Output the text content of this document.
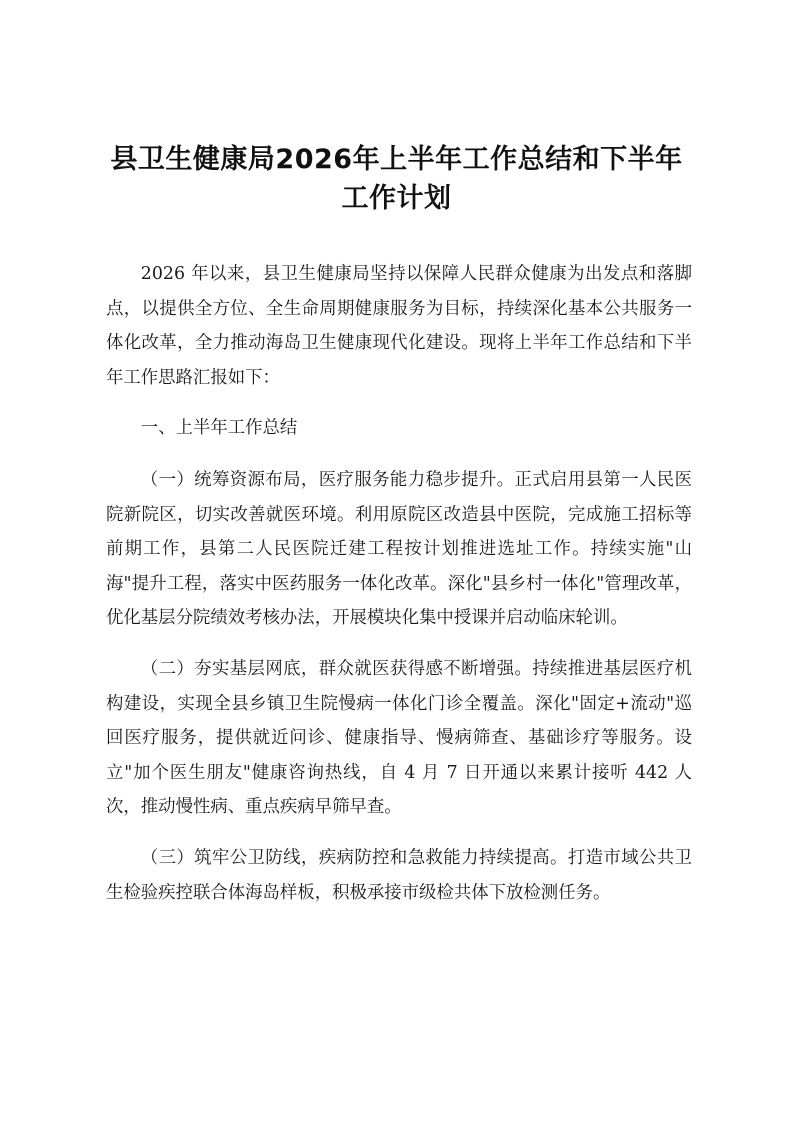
县卫生健康局2026年上半年工作总结和下半年工作计划

2026 年以来，县卫生健康局坚持以保障人民群众健康为出发点和落脚点，以提供全方位、全生命周期健康服务为目标，持续深化基本公共服务一体化改革，全力推动海岛卫生健康现代化建设。现将上半年工作总结和下半年工作思路汇报如下：

一、上半年工作总结

（一）统筹资源布局，医疗服务能力稳步提升。正式启用县第一人民医院新院区，切实改善就医环境。利用原院区改造县中医院，完成施工招标等前期工作，县第二人民医院迁建工程按计划推进选址工作。持续实施"山海"提升工程，落实中医药服务一体化改革。深化"县乡村一体化"管理改革，优化基层分院绩效考核办法，开展模块化集中授课并启动临床轮训。

（二）夯实基层网底，群众就医获得感不断增强。持续推进基层医疗机构建设，实现全县乡镇卫生院慢病一体化门诊全覆盖。深化"固定+流动"巡回医疗服务，提供就近问诊、健康指导、慢病筛查、基础诊疗等服务。设立"加个医生朋友"健康咨询热线，自 4 月 7 日开通以来累计接听 442 人次，推动慢性病、重点疾病早筛早查。

（三）筑牢公卫防线，疾病防控和急救能力持续提高。打造市域公共卫生检验疾控联合体海岛样板，积极承接市级检共体下放检测任务。
